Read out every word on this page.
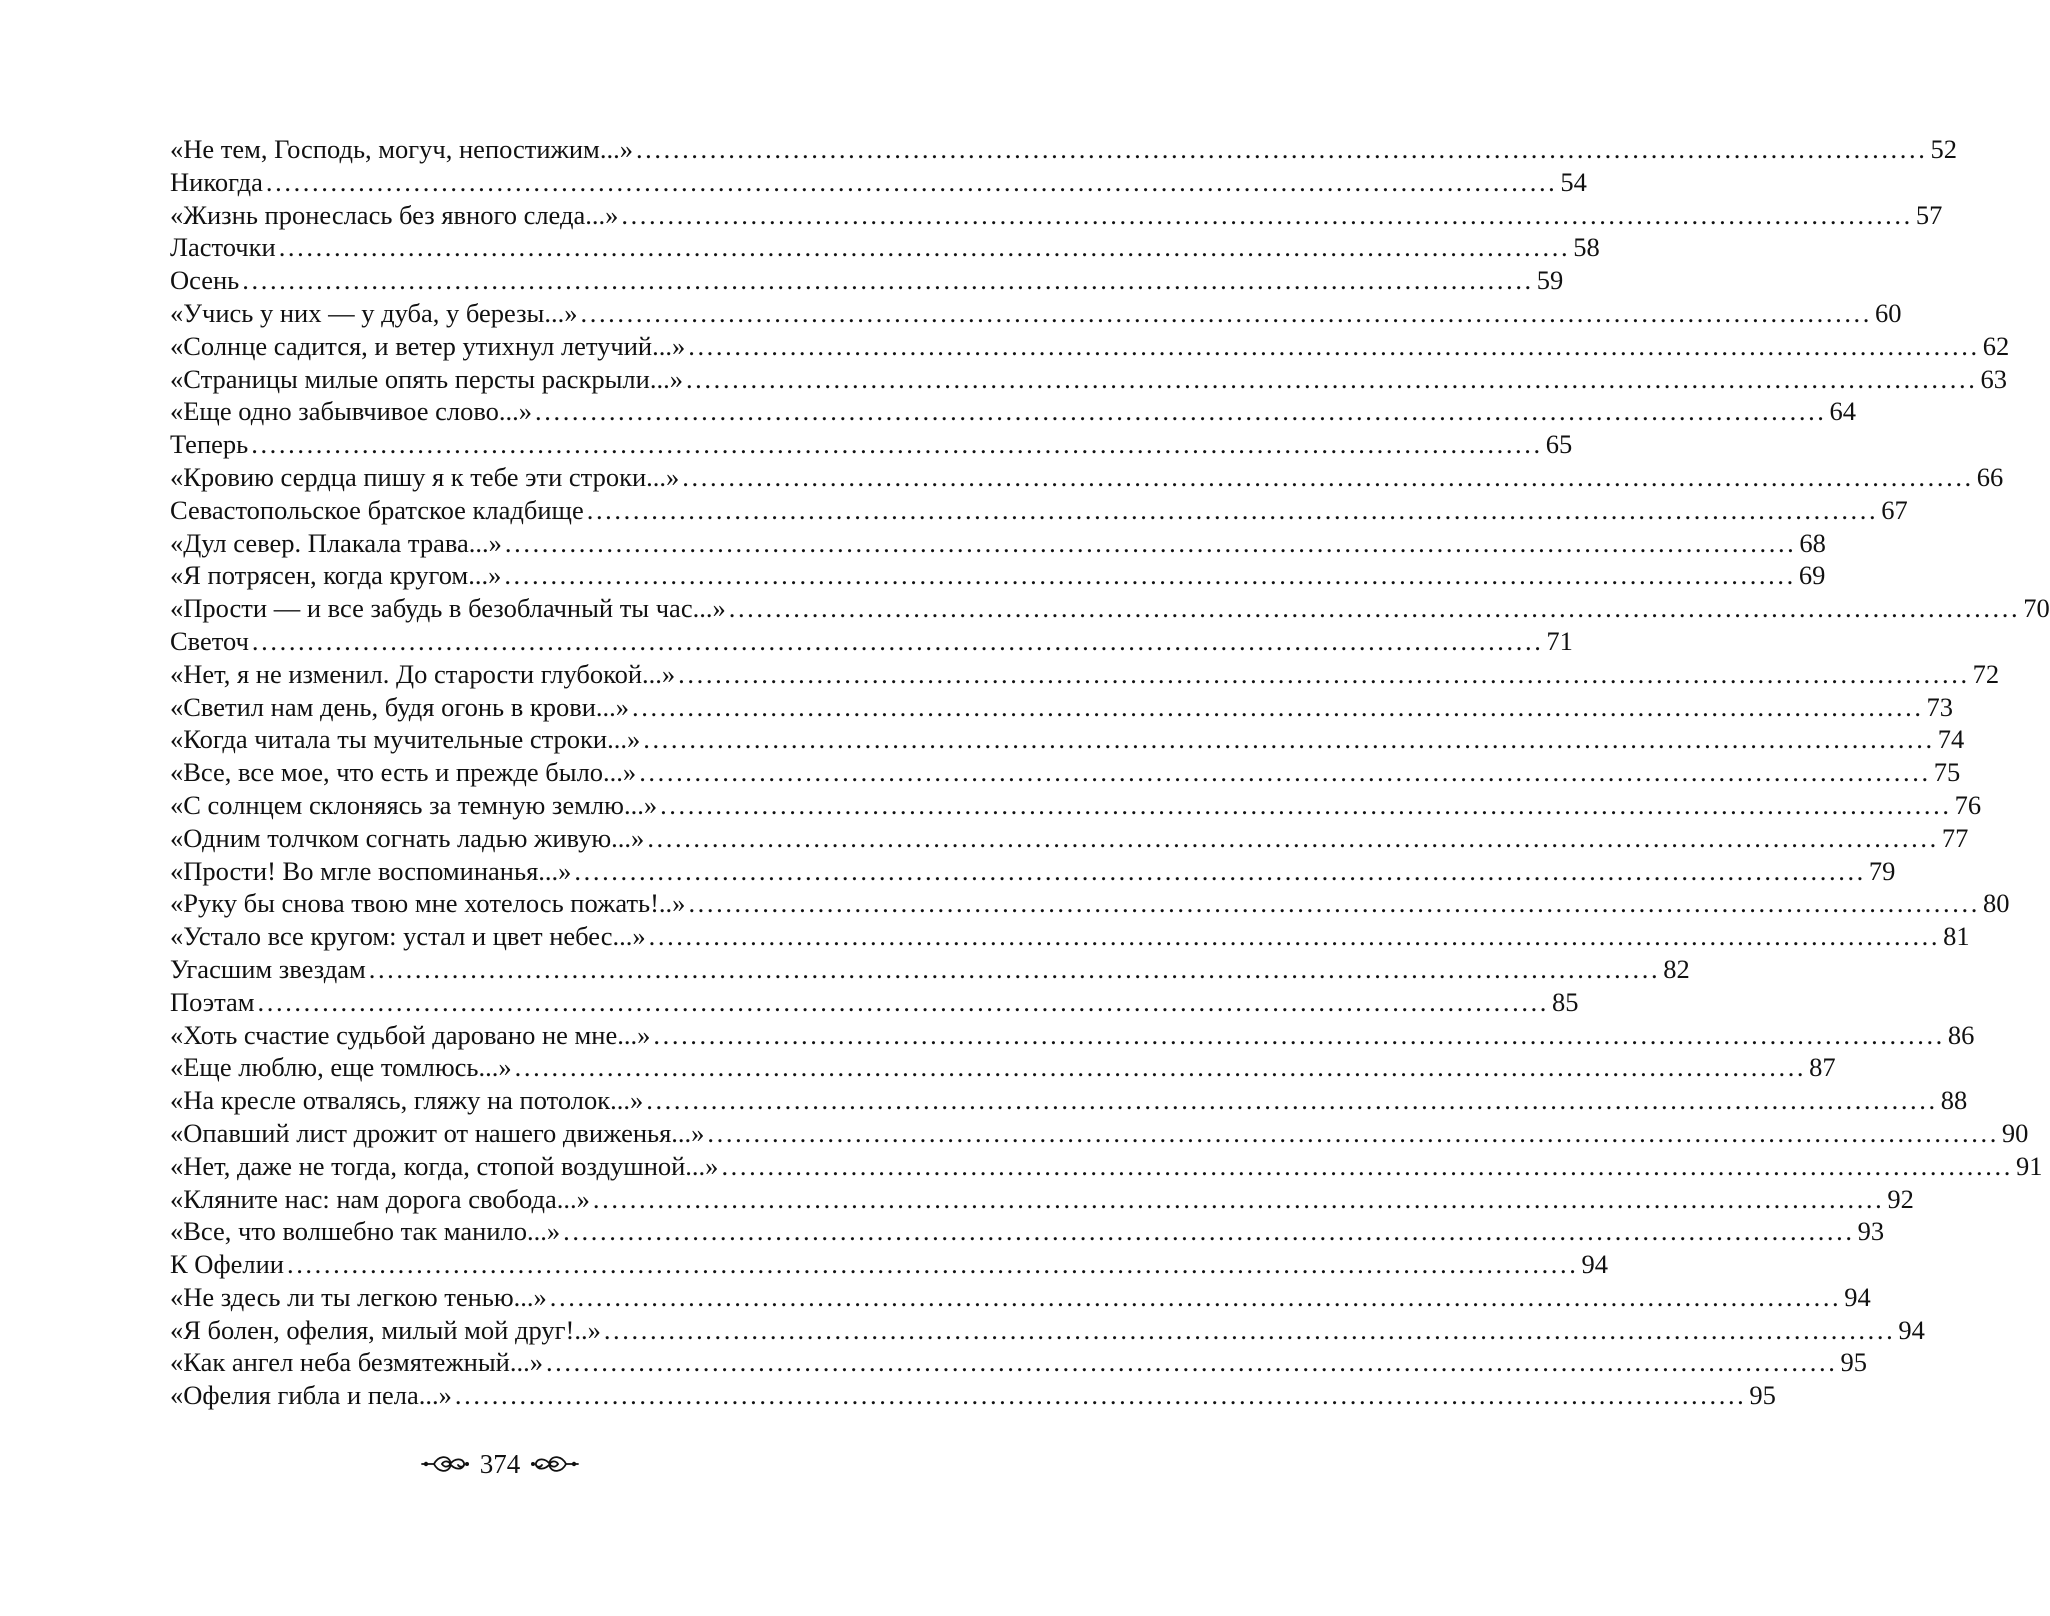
«Не тем, Господь, могуч, непостижим...» ............................................................................................................................................ 52
Никогда ............................................................................................................................................ 54
«Жизнь пронеслась без явного следа...» ............................................................................................................................................ 57
Ласточки ............................................................................................................................................ 58
Осень ............................................................................................................................................ 59
«Учись у них — у дуба, у березы...» ............................................................................................................................................ 60
«Солнце садится, и ветер утихнул летучий...» ............................................................................................................................................ 62
«Страницы милые опять персты раскрыли...» ............................................................................................................................................ 63
«Еще одно забывчивое слово...» ............................................................................................................................................ 64
Теперь ............................................................................................................................................ 65
«Кровию сердца пишу я к тебе эти строки...» ............................................................................................................................................ 66
Севастопольское братское кладбище ............................................................................................................................................ 67
«Дул север. Плакала трава...» ............................................................................................................................................ 68
«Я потрясен, когда кругом...» ............................................................................................................................................ 69
«Прости — и все забудь в безоблачный ты час...» ............................................................................................................................................ 70
Светоч ............................................................................................................................................ 71
«Нет, я не изменил. До старости глубокой...» ............................................................................................................................................ 72
«Светил нам день, будя огонь в крови...» ............................................................................................................................................ 73
«Когда читала ты мучительные строки...» ............................................................................................................................................ 74
«Все, все мое, что есть и прежде было...» ............................................................................................................................................ 75
«С солнцем склоняясь за темную землю...» ............................................................................................................................................ 76
«Одним толчком согнать ладью живую...» ............................................................................................................................................ 77
«Прости! Во мгле воспоминанья...» ............................................................................................................................................ 79
«Руку бы снова твою мне хотелось пожать!..» ............................................................................................................................................ 80
«Устало все кругом: устал и цвет небес...» ............................................................................................................................................ 81
Угасшим звездам ............................................................................................................................................ 82
Поэтам ............................................................................................................................................ 85
«Хоть счастие судьбой даровано не мне...» ............................................................................................................................................ 86
«Еще люблю, еще томлюсь...» ............................................................................................................................................ 87
«На кресле отвалясь, гляжу на потолок...» ............................................................................................................................................ 88
«Опавший лист дрожит от нашего движенья...» ............................................................................................................................................ 90
«Нет, даже не тогда, когда, стопой воздушной...» ............................................................................................................................................ 91
«Кляните нас: нам дорога свобода...» ............................................................................................................................................ 92
«Все, что волшебно так манило...» ............................................................................................................................................ 93
К Офелии ............................................................................................................................................ 94
«Не здесь ли ты легкою тенью...» ............................................................................................................................................ 94
«Я болен, офелия, милый мой друг!..» ............................................................................................................................................ 94
«Как ангел неба безмятежный...» ............................................................................................................................................ 95
«Офелия гибла и пела...» ............................................................................................................................................ 95
374
